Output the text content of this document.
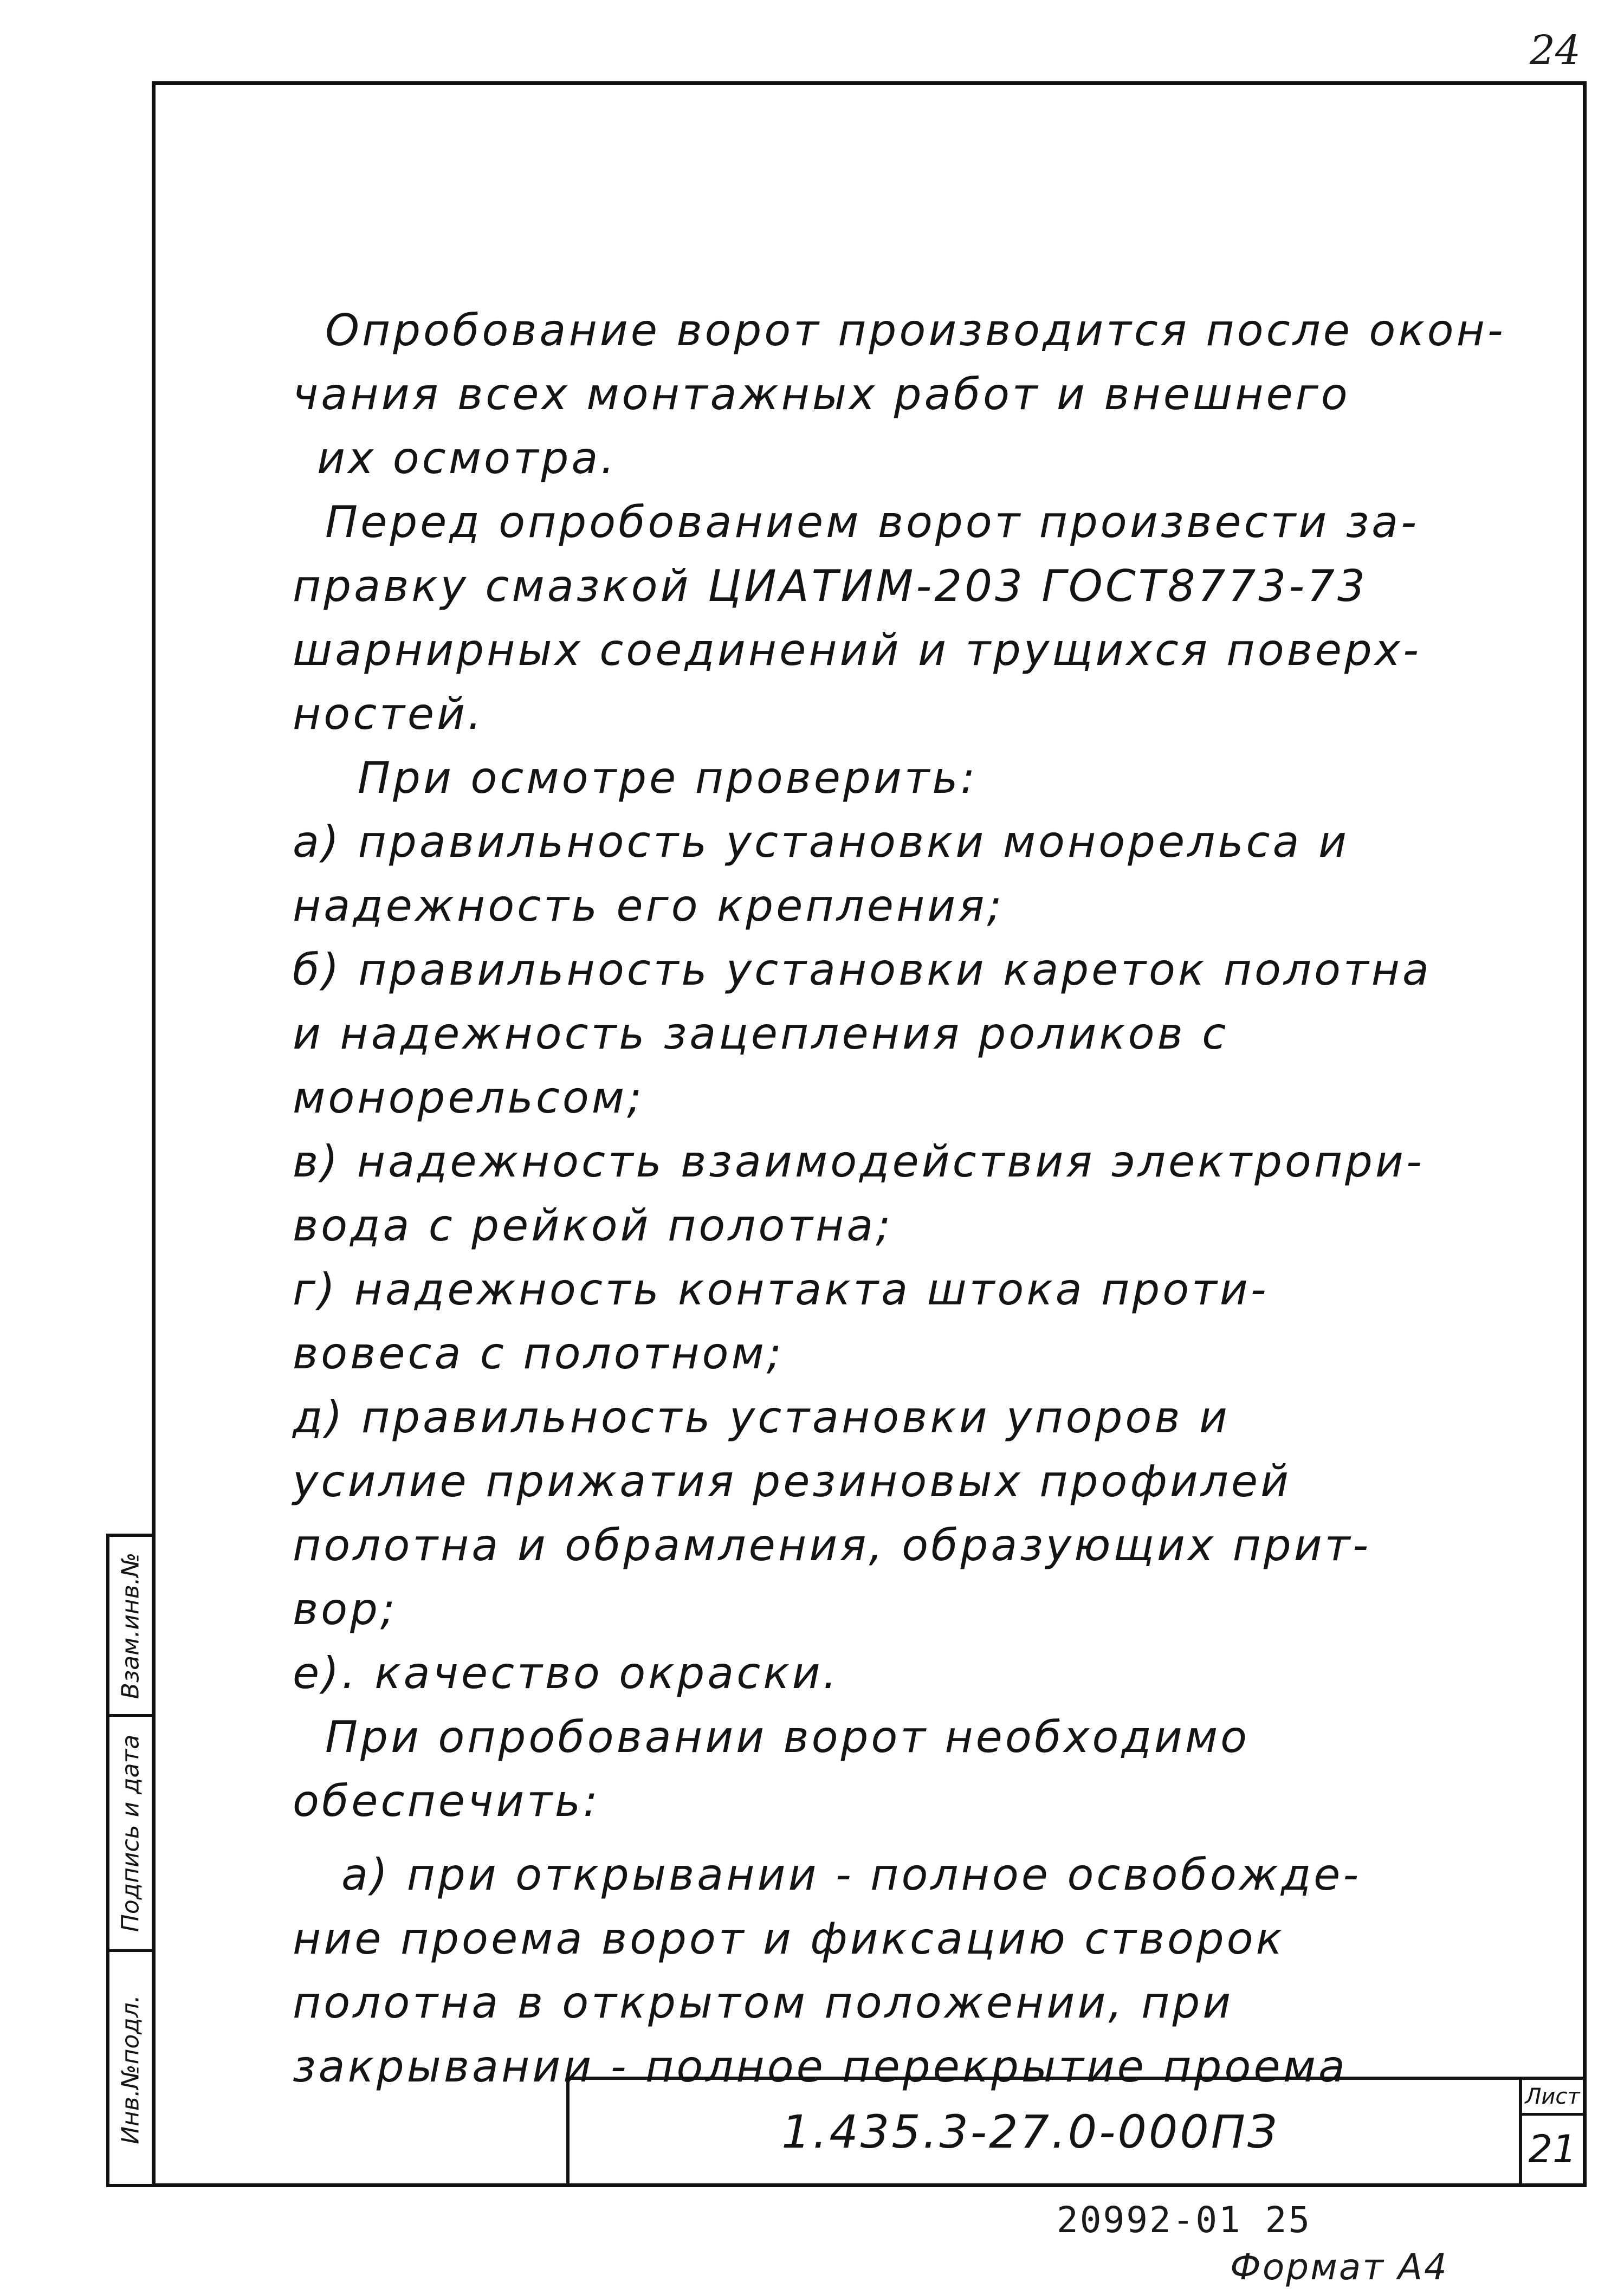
24
Опробование ворот производится после окон-
чания всех монтажных работ и внешнего
их осмотра.
Перед опробованием ворот произвести за-
правку смазкой ЦИАТИМ-203 ГОСТ8773-73
шарнирных соединений и трущихся поверх-
ностей.
При осмотре проверить:
а) правильность установки монорельса и
надежность его крепления;
б) правильность установки кареток полотна
и надежность зацепления роликов с
монорельсом;
в) надежность взаимодействия электропри-
вода с рейкой полотна;
г) надежность контакта штока проти-
вовеса с полотном;
д) правильность установки упоров и
усилие прижатия резиновых профилей
полотна и обрамления, образующих прит-
вор;
е). качество окраски.
При опробовании ворот необходимо
обеспечить:
а) при открывании - полное освобожде-
ние проема ворот и фиксацию створок
полотна в открытом положении, при
закрывании - полное перекрытие проема
Взам.инв.№
Подпись и дата
Инв.№подл.	1.435.3-27.0-000ПЗ
Лист
21
20992-01 25
Формат А4
